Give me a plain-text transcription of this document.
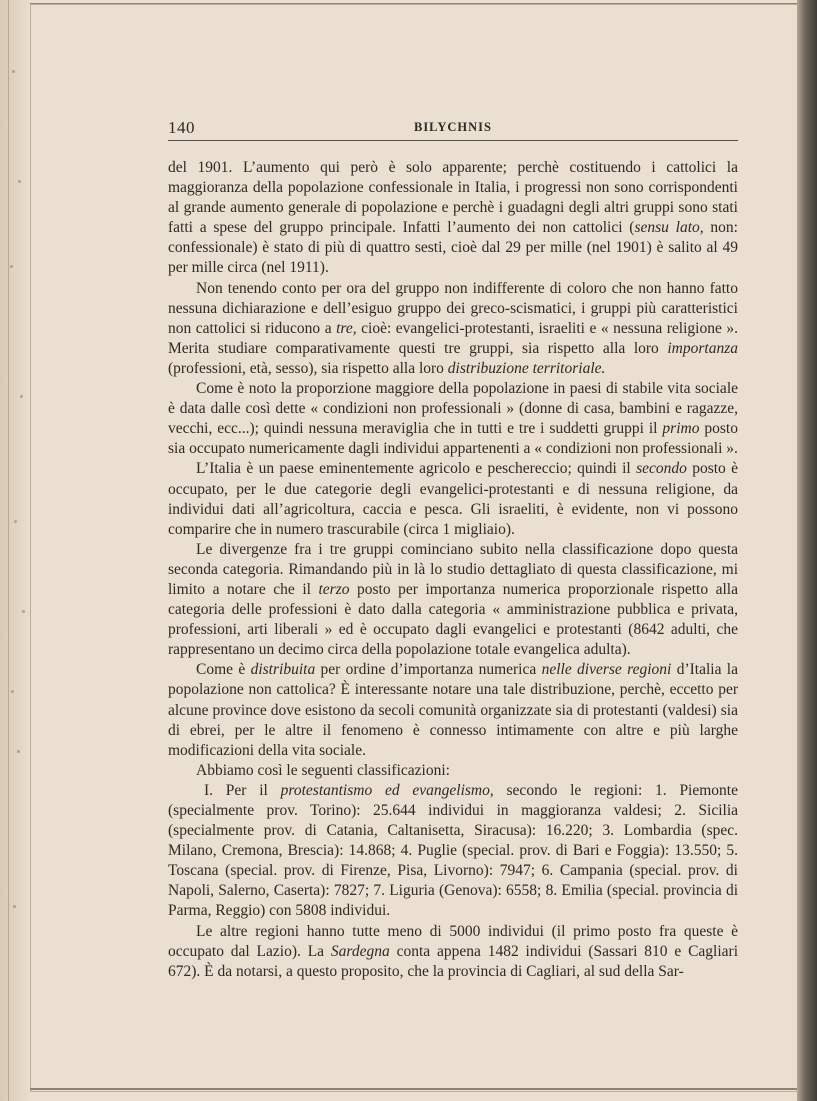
140	BILYCHNIS

del 1901. L’aumento qui però è solo apparente; perchè costituendo i cattolici la maggioranza della popolazione confessionale in Italia, i progressi non sono corrispondenti al grande aumento generale di popolazione e perchè i guadagni degli altri gruppi sono stati fatti a spese del gruppo principale. Infatti l’aumento dei non cattolici (sensu lato, non: confessionale) è stato di più di quattro sesti, cioè dal 29 per mille (nel 1901) è salito al 49 per mille circa (nel 1911).

Non tenendo conto per ora del gruppo non indifferente di coloro che non hanno fatto nessuna dichiarazione e dell’esiguo gruppo dei greco-scismatici, i gruppi più caratteristici non cattolici si riducono a tre, cioè: evangelici-protestanti, israeliti e « nessuna religione ». Merita studiare comparativamente questi tre gruppi, sia rispetto alla loro importanza (professioni, età, sesso), sia rispetto alla loro distribuzione territoriale.

Come è noto la proporzione maggiore della popolazione in paesi di stabile vita sociale è data dalle così dette « condizioni non professionali » (donne di casa, bambini e ragazze, vecchi, ecc...); quindi nessuna meraviglia che in tutti e tre i suddetti gruppi il primo posto sia occupato numericamente dagli individui appartenenti a « condizioni non professionali ».

L’Italia è un paese eminentemente agricolo e peschereccio; quindi il secondo posto è occupato, per le due categorie degli evangelici-protestanti e di nessuna religione, da individui dati all’agricoltura, caccia e pesca. Gli israeliti, è evidente, non vi possono comparire che in numero trascurabile (circa 1 migliaio).

Le divergenze fra i tre gruppi cominciano subito nella classificazione dopo questa seconda categoria. Rimandando più in là lo studio dettagliato di questa classificazione, mi limito a notare che il terzo posto per importanza numerica proporzionale rispetto alla categoria delle professioni è dato dalla categoria « amministrazione pubblica e privata, professioni, arti liberali » ed è occupato dagli evangelici e protestanti (8642 adulti, che rappresentano un decimo circa della popolazione totale evangelica adulta).

Come è distribuita per ordine d’importanza numerica nelle diverse regioni d’Italia la popolazione non cattolica? È interessante notare una tale distribuzione, perchè, eccetto per alcune province dove esistono da secoli comunità organizzate sia di protestanti (valdesi) sia di ebrei, per le altre il fenomeno è connesso intimamente con altre e più larghe modificazioni della vita sociale.

Abbiamo così le seguenti classificazioni:

I. Per il protestantismo ed evangelismo, secondo le regioni: 1. Piemonte (specialmente prov. Torino): 25.644 individui in maggioranza valdesi; 2. Sicilia (specialmente prov. di Catania, Caltanisetta, Siracusa): 16.220; 3. Lombardia (spec. Milano, Cremona, Brescia): 14.868; 4. Puglie (special. prov. di Bari e Foggia): 13.550; 5. Toscana (special. prov. di Firenze, Pisa, Livorno): 7947; 6. Campania (special. prov. di Napoli, Salerno, Caserta): 7827; 7. Liguria (Genova): 6558; 8. Emilia (special. provincia di Parma, Reggio) con 5808 individui.

Le altre regioni hanno tutte meno di 5000 individui (il primo posto fra queste è occupato dal Lazio). La Sardegna conta appena 1482 individui (Sassari 810 e Cagliari 672). È da notarsi, a questo proposito, che la provincia di Cagliari, al sud della Sar-
